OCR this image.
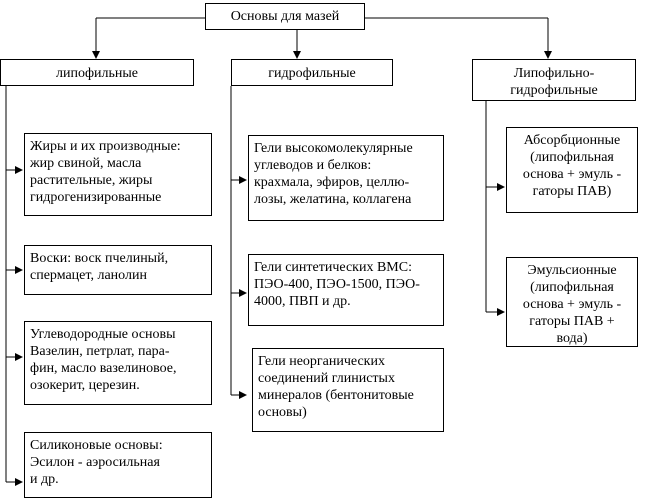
Основы для мазей
липофильные	гидрофильные	Липофильно-
гидрофильные
Жиры и их производные:
жир свиной, масла
растительные, жиры
гидрогенизированные
Воски: воск пчелиный,
спермацет, ланолин
Углеводородные основы
Вазелин, петрлат, пара-
фин, масло вазелиновое,
озокерит, церезин.
Силиконовые основы:
Эсилон - аэросильная
и др.
Гели высокомолекулярные
углеводов и белков:
крахмала, эфиров, целлю-
лозы, желатина, коллагена
Гели синтетических ВМС:
ПЭО-400, ПЭО-1500, ПЭО-
4000, ПВП и др.
Гели неорганических
соединений глинистых
минералов (бентонитовые
основы)
Абсорбционные
(липофильная
основа + эмуль -
гаторы ПАВ)
Эмульсионные
(липофильная
основа + эмуль -
гаторы ПАВ +
вода)
